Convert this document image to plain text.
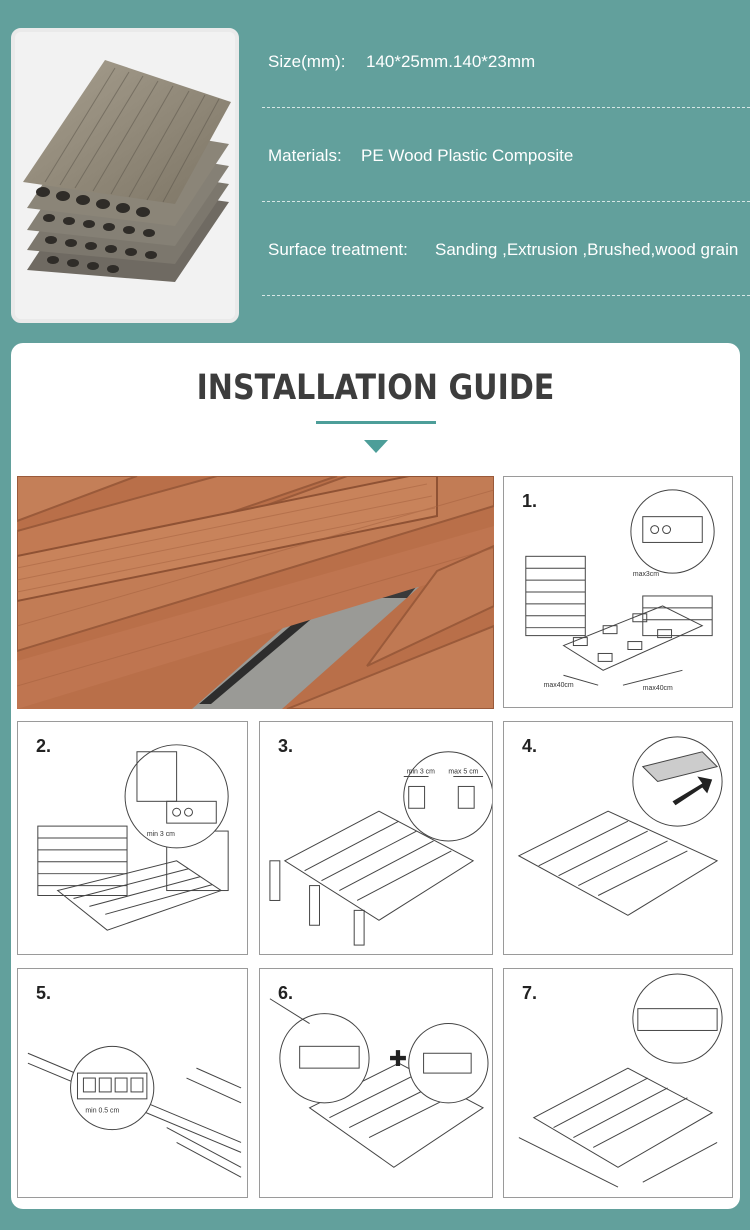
Size(mm): 140*25mm.140*23mm
Materials: PE Wood Plastic Composite
Surface treatment: Sanding ,Extrusion ,Brushed,wood grain
INSTALLATION GUIDE
1.
max3cm
max40cm	max40cm
2.
min 3 cm
3.
min 3 cm max 5 cm
4.
5.
min 0.5 cm
6.
✚
7.
